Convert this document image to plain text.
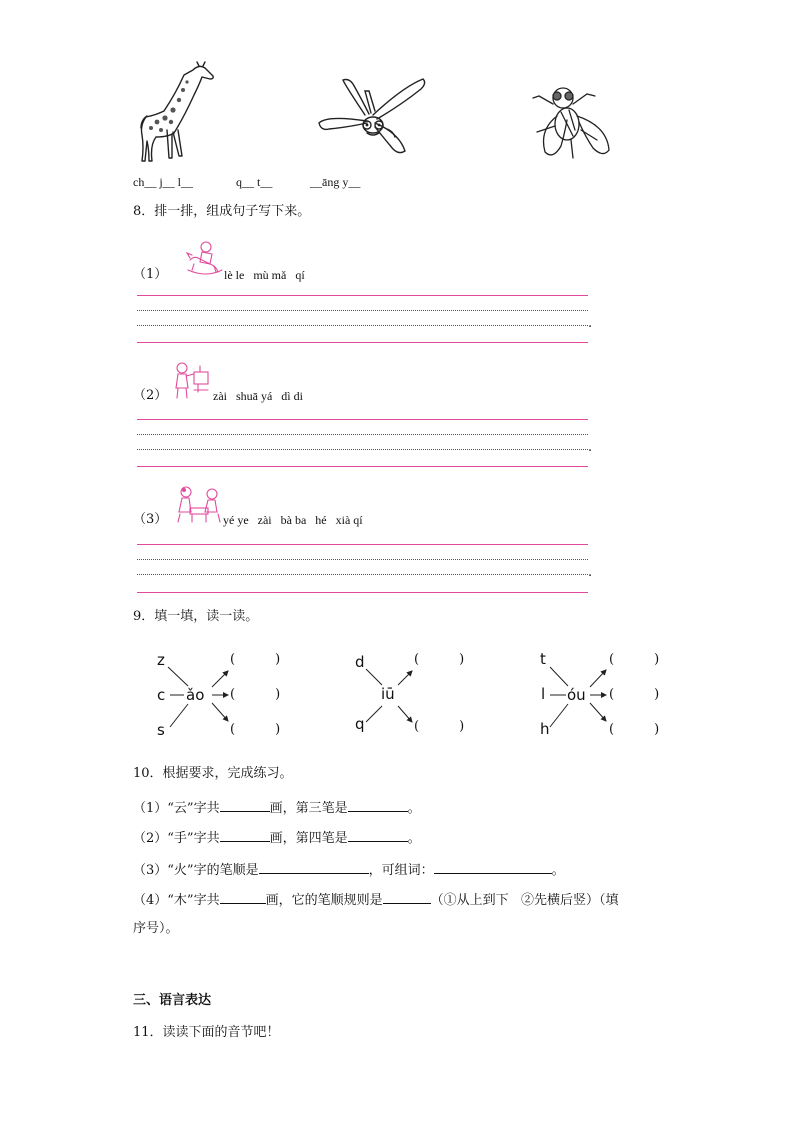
ch__ j__ l__	q__ t__	__āng y__
8．排一排，组成句子写下来。
（1）	lè le   mù mǎ   qí
.
（2）	zài   shuā yá   dì di
.
（3）	yé ye   zài   bà ba   hé   xià qí
.
9．填一填，读一读。
z
c
s
ǎo
(	)
(	)
(	)
d
q
iū
(	)
(	)
t
l
h
óu
(	)
(	)
(	)
10．根据要求，完成练习。
（1）“云”字共	画，第三笔是	。
（2）“手”字共	画，第四笔是	。
（3）“火”字的笔顺是	，可组词：	。
（4）“木”字共	画，它的笔顺规则是	（①从上到下   ②先横后竖）（填
序号）。
三、语言表达
11．读读下面的音节吧！
